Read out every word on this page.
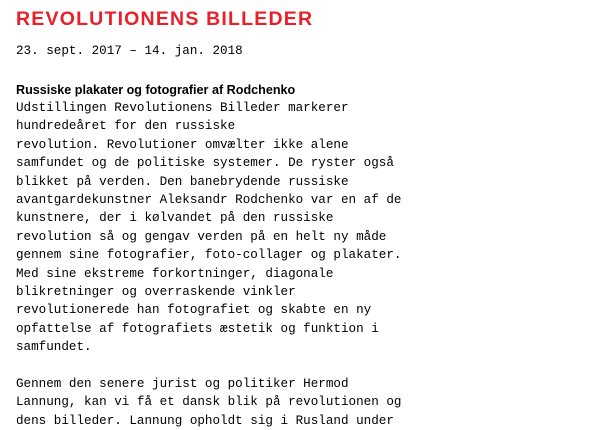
REVOLUTIONENS BILLEDER
23. sept. 2017 – 14. jan. 2018
Russiske plakater og fotografier af Rodchenko

Udstillingen Revolutionens Billeder markerer
hundredeåret for den russiske
revolution. Revolutioner omvælter ikke alene
samfundet og de politiske systemer. De ryster også
blikket på verden. Den banebrydende russiske
avantgardekunstner Aleksandr Rodchenko var en af de
kunstnere, der i kølvandet på den russiske
revolution så og gengav verden på en helt ny måde
gennem sine fotografier, foto-collager og plakater.
Med sine ekstreme forkortninger, diagonale
blikretninger og overraskende vinkler
revolutionerede han fotografiet og skabte en ny
opfattelse af fotografiets æstetik og funktion i
samfundet.

Gennem den senere jurist og politiker Hermod
Lannung, kan vi få et dansk blik på revolutionen og
dens billeder. Lannung opholdt sig i Rusland under
